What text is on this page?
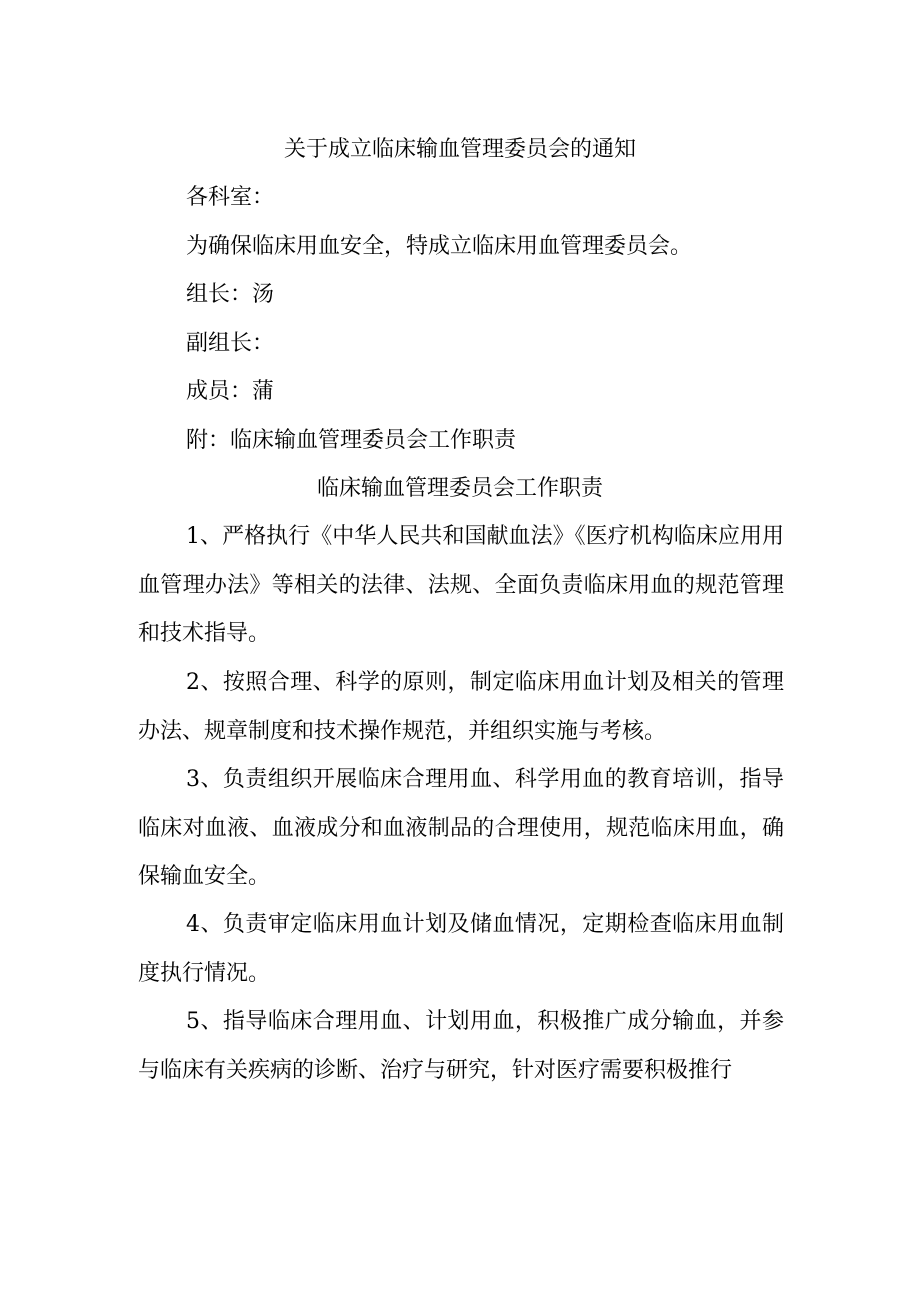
关于成立临床输血管理委员会的通知
各科室：
为确保临床用血安全，特成立临床用血管理委员会。
组长：汤
副组长：
成员：蒲
附：临床输血管理委员会工作职责
临床输血管理委员会工作职责

1、严格执行《中华人民共和国献血法》《医疗机构临床应用用血管理办法》等相关的法律、法规、全面负责临床用血的规范管理和技术指导。

2、按照合理、科学的原则，制定临床用血计划及相关的管理办法、规章制度和技术操作规范，并组织实施与考核。

3、负责组织开展临床合理用血、科学用血的教育培训，指导临床对血液、血液成分和血液制品的合理使用，规范临床用血，确保输血安全。

4、负责审定临床用血计划及储血情况，定期检查临床用血制度执行情况。

5、指导临床合理用血、计划用血，积极推广成分输血，并参与临床有关疾病的诊断、治疗与研究，针对医疗需要积极推行
